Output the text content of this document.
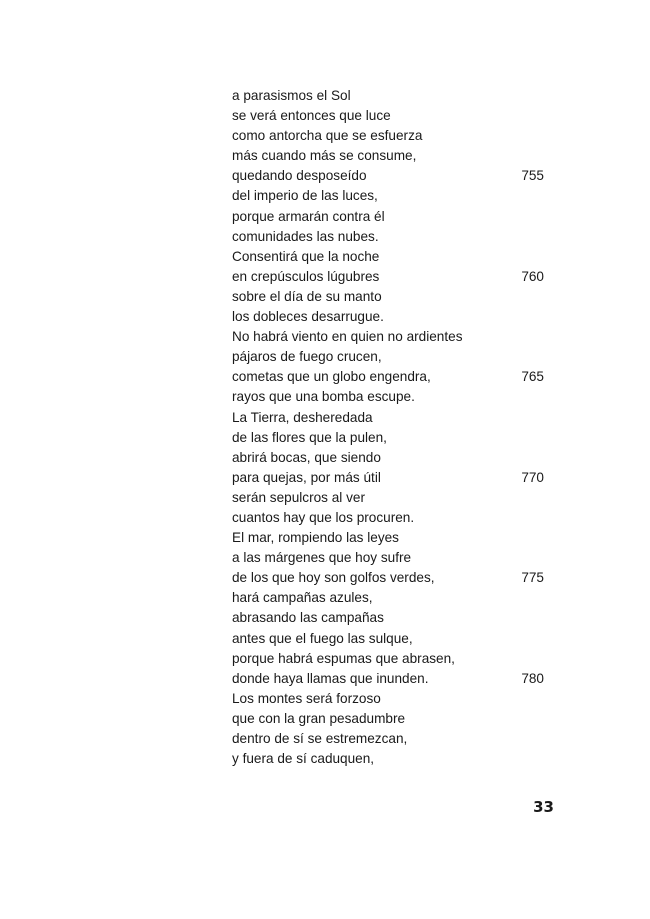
a parasismos el Sol
se verá entonces que luce
como antorcha que se esfuerza
más cuando más se consume,
quedando desposeído	755
del imperio de las luces,
porque armarán contra él
comunidades las nubes.
Consentirá que la noche
en crepúsculos lúgubres	760
sobre el día de su manto
los dobleces desarrugue.
No habrá viento en quien no ardientes
pájaros de fuego crucen,
cometas que un globo engendra,	765
rayos que una bomba escupe.
La Tierra, desheredada
de las flores que la pulen,
abrirá bocas, que siendo
para quejas, por más útil	770
serán sepulcros al ver
cuantos hay que los procuren.
El mar, rompiendo las leyes
a las márgenes que hoy sufre
de los que hoy son golfos verdes,	775
hará campañas azules,
abrasando las campañas
antes que el fuego las sulque,
porque habrá espumas que abrasen,
donde haya llamas que inunden.	780
Los montes será forzoso
que con la gran pesadumbre
dentro de sí se estremezcan,
y fuera de sí caduquen,
33
